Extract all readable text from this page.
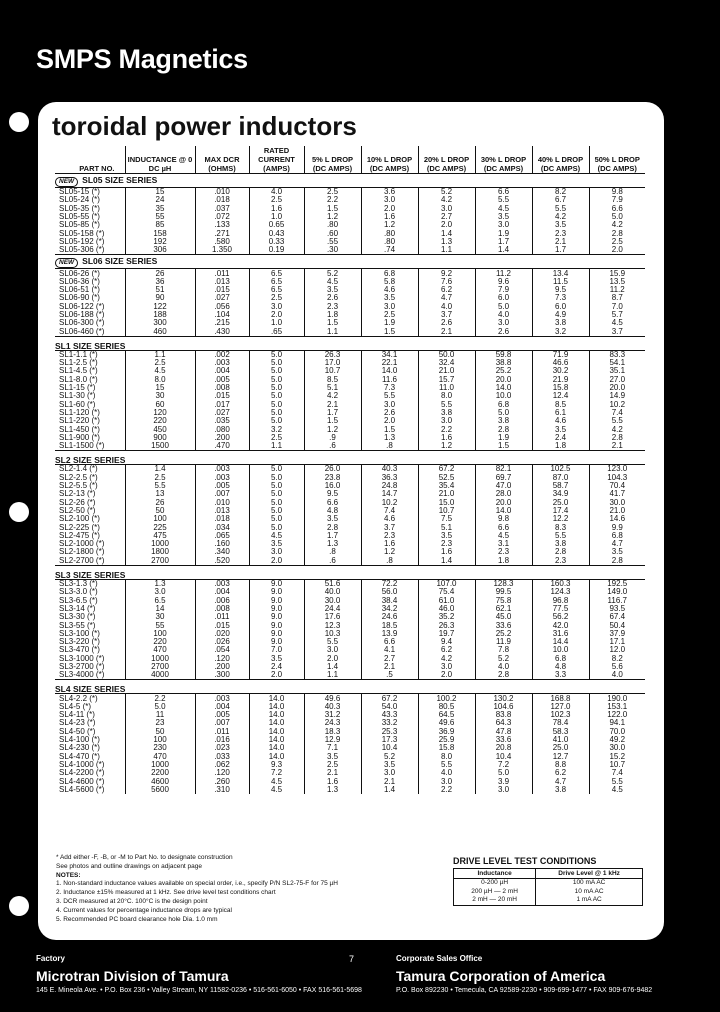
SMPS Magnetics
toroidal power inductors
PART NO.	INDUCTANCE @ 0 DC µH	MAX DCR (OHMS)	RATED CURRENT (AMPS)	5% L DROP (DC AMPS)	10% L DROP (DC AMPS)	20% L DROP (DC AMPS)	30% L DROP (DC AMPS)	40% L DROP (DC AMPS)	50% L DROP (DC AMPS)
NEW SL05 SIZE SERIES									
SL05-15 (*)	15	.010	4.0	2.5	3.6	5.2	6.6	8.2	9.8
SL05-24 (*)	24	.018	2.5	2.2	3.0	4.2	5.5	6.7	7.9
SL05-35 (*)	35	.037	1.6	1.5	2.0	3.0	4.5	5.5	6.6
SL05-55 (*)	55	.072	1.0	1.2	1.6	2.7	3.5	4.2	5.0
SL05-85 (*)	85	.133	0.65	.80	1.2	2.0	3.0	3.5	4.2
SL05-158 (*)	158	.271	0.43	.60	.80	1.4	1.9	2.3	2.8
SL05-192 (*)	192	.580	0.33	.55	.80	1.3	1.7	2.1	2.5
SL05-306 (*)	306	1.350	0.19	.30	.74	1.1	1.4	1.7	2.0
NEW SL06 SIZE SERIES									
SL06-26 (*)	26	.011	6.5	5.2	6.8	9.2	11.2	13.4	15.9
SL06-36 (*)	36	.013	6.5	4.5	5.8	7.6	9.6	11.5	13.5
SL06-51 (*)	51	.015	6.5	3.5	4.6	6.2	7.9	9.5	11.2
SL06-90 (*)	90	.027	2.5	2.6	3.5	4.7	6.0	7.3	8.7
SL06-122 (*)	122	.056	3.0	2.3	3.0	4.0	5.0	6.0	7.0
SL06-188 (*)	188	.104	2.0	1.8	2.5	3.7	4.0	4.9	5.7
SL06-300 (*)	300	.215	1.0	1.5	1.9	2.6	3.0	3.8	4.5
SL06-460 (*)	460	.430	.65	1.1	1.5	2.1	2.6	3.2	3.7
SL1 SIZE SERIES									
SL1-1.1 (*)	1.1	.002	5.0	26.3	34.1	50.0	59.8	71.9	83.3
SL1-2.5 (*)	2.5	.003	5.0	17.0	22.1	32.4	38.8	46.6	54.1
SL1-4.5 (*)	4.5	.004	5.0	10.7	14.0	21.0	25.2	30.2	35.1
SL1-8.0 (*)	8.0	.005	5.0	8.5	11.6	15.7	20.0	21.9	27.0
SL1-15 (*)	15	.008	5.0	5.1	7.3	11.0	14.0	15.8	20.0
SL1-30 (*)	30	.015	5.0	4.2	5.5	8.0	10.0	12.4	14.9
SL1-60 (*)	60	.017	5.0	2.1	3.0	5.5	6.8	8.5	10.2
SL1-120 (*)	120	.027	5.0	1.7	2.6	3.8	5.0	6.1	7.4
SL1-220 (*)	220	.035	5.0	1.5	2.0	3.0	3.8	4.6	5.5
SL1-450 (*)	450	.080	3.2	1.2	1.5	2.2	2.8	3.5	4.2
SL1-900 (*)	900	.200	2.5	.9	1.3	1.6	1.9	2.4	2.8
SL1-1500 (*)	1500	.470	1.1	.6	.8	1.2	1.5	1.8	2.1
SL2 SIZE SERIES									
SL2-1.4 (*)	1.4	.003	5.0	26.0	40.3	67.2	82.1	102.5	123.0
SL2-2.5 (*)	2.5	.003	5.0	23.8	36.3	52.5	69.7	87.0	104.3
SL2-5.5 (*)	5.5	.005	5.0	16.0	24.8	35.4	47.0	58.7	70.4
SL2-13 (*)	13	.007	5.0	9.5	14.7	21.0	28.0	34.9	41.7
SL2-26 (*)	26	.010	5.0	6.6	10.2	15.0	20.0	25.0	30.0
SL2-50 (*)	50	.013	5.0	4.8	7.4	10.7	14.0	17.4	21.0
SL2-100 (*)	100	.018	5.0	3.5	4.6	7.5	9.8	12.2	14.6
SL2-225 (*)	225	.034	5.0	2.8	3.7	5.1	6.6	8.3	9.9
SL2-475 (*)	475	.065	4.5	1.7	2.3	3.5	4.5	5.5	6.8
SL2-1000 (*)	1000	.160	3.5	1.3	1.6	2.3	3.1	3.8	4.7
SL2-1800 (*)	1800	.340	3.0	.8	1.2	1.6	2.3	2.8	3.5
SL2-2700 (*)	2700	.520	2.0	.6	.8	1.4	1.8	2.3	2.8
SL3 SIZE SERIES									
SL3-1.3 (*)	1.3	.003	9.0	51.6	72.2	107.0	128.3	160.3	192.5
SL3-3.0 (*)	3.0	.004	9.0	40.0	56.0	75.4	99.5	124.3	149.0
SL3-6.5 (*)	6.5	.006	9.0	30.0	38.4	61.0	75.8	96.8	116.7
SL3-14 (*)	14	.008	9.0	24.4	34.2	46.0	62.1	77.5	93.5
SL3-30 (*)	30	.011	9.0	17.6	24.6	35.2	45.0	56.2	67.4
SL3-55 (*)	55	.015	9.0	12.3	18.5	26.3	33.6	42.0	50.4
SL3-100 (*)	100	.020	9.0	10.3	13.9	19.7	25.2	31.6	37.9
SL3-220 (*)	220	.026	9.0	5.5	6.6	9.4	11.9	14.4	17.1
SL3-470 (*)	470	.054	7.0	3.0	4.1	6.2	7.8	10.0	12.0
SL3-1000 (*)	1000	.120	3.5	2.0	2.7	4.2	5.2	6.8	8.2
SL3-2700 (*)	2700	.200	2.4	1.4	2.1	3.0	4.0	4.8	5.6
SL3-4000 (*)	4000	.300	2.0	1.1	.5	2.0	2.8	3.3	4.0
SL4 SIZE SERIES									
SL4-2.2 (*)	2.2	.003	14.0	49.6	67.2	100.2	130.2	168.8	190.0
SL4-5 (*)	5.0	.004	14.0	40.3	54.0	80.5	104.6	127.0	153.1
SL4-11 (*)	11	.005	14.0	31.2	43.3	64.5	83.8	102.3	122.0
SL4-23 (*)	23	.007	14.0	24.3	33.2	49.6	64.3	78.4	94.1
SL4-50 (*)	50	.011	14.0	18.3	25.3	36.9	47.8	58.3	70.0
SL4-100 (*)	100	.016	14.0	12.9	17.3	25.9	33.6	41.0	49.2
SL4-230 (*)	230	.023	14.0	7.1	10.4	15.8	20.8	25.0	30.0
SL4-470 (*)	470	.033	14.0	3.5	5.2	8.0	10.4	12.7	15.2
SL4-1000 (*)	1000	.062	9.3	2.5	3.5	5.5	7.2	8.8	10.7
SL4-2200 (*)	2200	.120	7.2	2.1	3.0	4.0	5.0	6.2	7.4
SL4-4600 (*)	4600	.260	4.5	1.6	2.1	3.0	3.9	4.7	5.5
SL4-5600 (*)	5600	.310	4.5	1.3	1.4	2.2	3.0	3.8	4.5
* Add either -F, -B, or -M to Part No. to designate construction
See photos and outline drawings on adjacent page
NOTES:
1. Non-standard inductance values available on special order, i.e., specify P/N SL2-75-F for 75 µH
2. Inductance ±15% measured at 1 kHz. See drive level test conditions chart
3. DCR measured at 20°C. 100°C is the design point
4. Current values for percentage inductance drops are typical
5. Recommended PC board clearance hole Dia. 1.0 mm
DRIVE LEVEL TEST CONDITIONS
Inductance	Drive Level @ 1 kHz
0-200 µH	100 mA AC
200 µH — 2 mH	10 mA AC
2 mH — 20 mH	1 mA AC
Factory
Microtran Division of Tamura
145 E. Mineola Ave. • P.O. Box 236 • Valley Stream, NY 11582-0236 • 516-561-6050 • FAX 516-561-5698
7	Corporate Sales Office
Tamura Corporation of America
P.O. Box 892230 • Temecula, CA 92589-2230 • 909-699-1477 • FAX 909-676-9482
